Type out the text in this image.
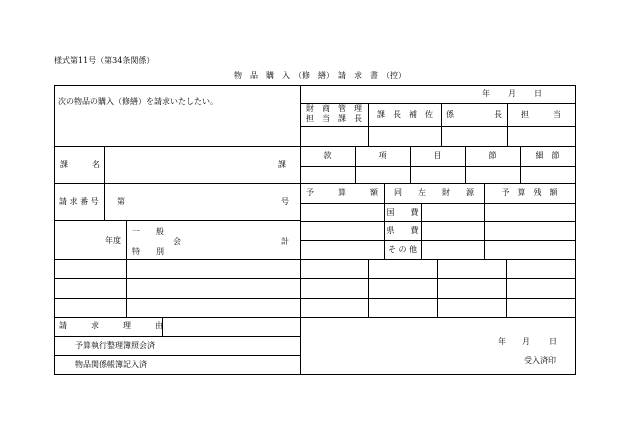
様式第11号（第34条関係）
物　品　購　入　（修　繕）　請　求　書　（控）
次の物品の購入（修繕）を請求いたしたい。
年 月 日
財　商　管　理
担　当　課　長	課　長　補　佐	係　　　　　長	担　　　当
款	項	目	節	細　節
課　　　名	課
請 求 番 号 第	号
予　　　算　　　額	同　　左　　財　　源	予　算　残　額
国　　費
県　　費
そ の 他
年度
一　　般
特　　別
会	計
請　　　求　　　理　　　由
予算執行整理簿照会済
物品関係帳簿記入済
年 月 日
受入済印
